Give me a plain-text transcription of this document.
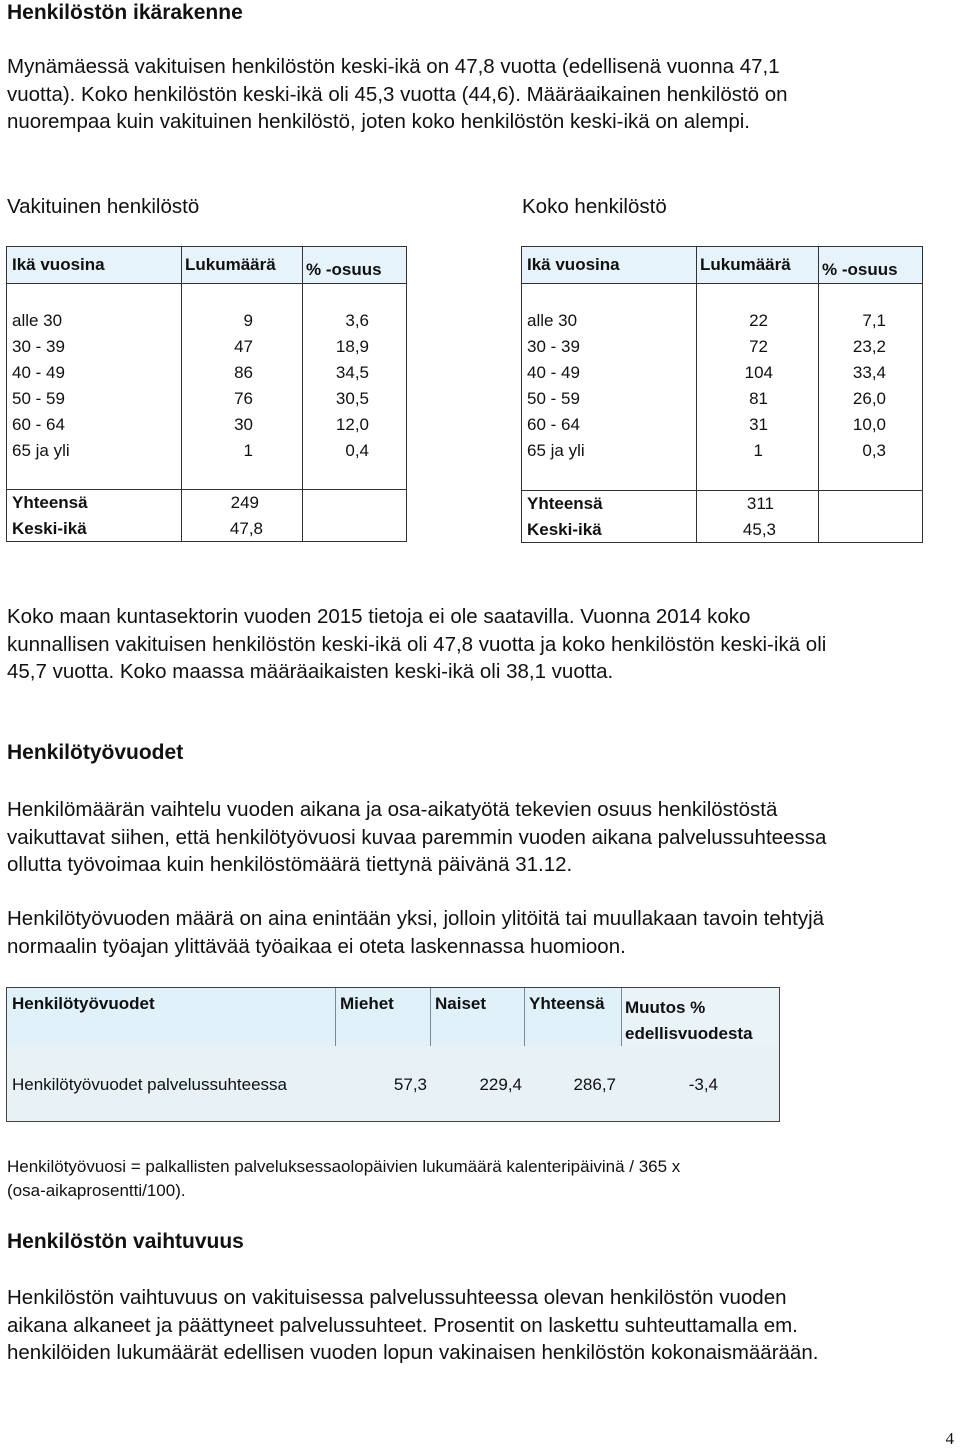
Henkilöstön ikärakenne
Mynämäessä vakituisen henkilöstön keski-ikä on 47,8 vuotta (edellisenä vuonna 47,1
vuotta). Koko henkilöstön keski-ikä oli 45,3 vuotta (44,6). Määräaikainen henkilöstö on
nuorempaa kuin vakituinen henkilöstö, joten koko henkilöstön keski-ikä on alempi.
Vakituinen henkilöstö	Koko henkilöstö
Ikä vuosina	Lukumäärä % -osuus
alle 30	9	3,6
30 - 39	47	18,9
40 - 49	86	34,5
50 - 59	76	30,5
60 - 64	30	12,0
65 ja yli	1	0,4
Yhteensä	249
Keski-ikä	47,8
Ikä vuosina	Lukumäärä % -osuus
alle 30	22	7,1
30 - 39	72	23,2
40 - 49	104	33,4
50 - 59	81	26,0
60 - 64	31	10,0
65 ja yli	1	0,3
Yhteensä	311
Keski-ikä	45,3
Koko maan kuntasektorin vuoden 2015 tietoja ei ole saatavilla. Vuonna 2014 koko
kunnallisen vakituisen henkilöstön keski-ikä oli 47,8 vuotta ja koko henkilöstön keski-ikä oli
45,7 vuotta. Koko maassa määräaikaisten keski-ikä oli 38,1 vuotta.
Henkilötyövuodet
Henkilömäärän vaihtelu vuoden aikana ja osa-aikatyötä tekevien osuus henkilöstöstä
vaikuttavat siihen, että henkilötyövuosi kuvaa paremmin vuoden aikana palvelussuhteessa
ollutta työvoimaa kuin henkilöstömäärä tiettynä päivänä 31.12.
Henkilötyövuoden määrä on aina enintään yksi, jolloin ylitöitä tai muullakaan tavoin tehtyjä
normaalin työajan ylittävää työaikaa ei oteta laskennassa huomioon.
Henkilötyövuodet	Miehet Naiset	Yhteensä Muutos %
edellisvuodesta
Henkilötyövuodet palvelussuhteessa	57,3	229,4	286,7	-3,4
Henkilötyövuosi = palkallisten palveluksessaolopäivien lukumäärä kalenteripäivinä / 365 x
(osa-aikaprosentti/100).
Henkilöstön vaihtuvuus
Henkilöstön vaihtuvuus on vakituisessa palvelussuhteessa olevan henkilöstön vuoden
aikana alkaneet ja päättyneet palvelussuhteet. Prosentit on laskettu suhteuttamalla em.
henkilöiden lukumäärät edellisen vuoden lopun vakinaisen henkilöstön kokonaismäärään.
4
